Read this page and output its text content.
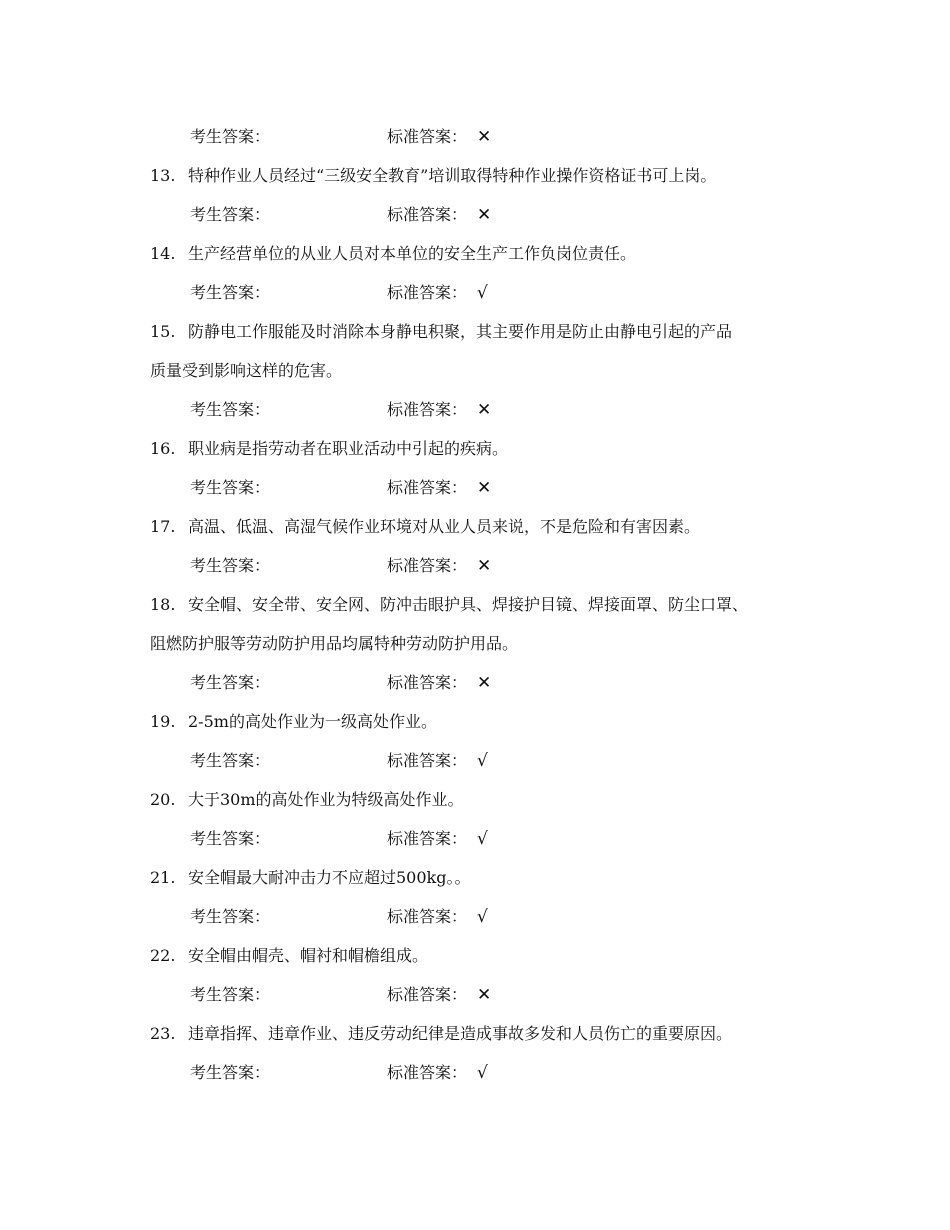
考生答案：	标准答案： ✕
13. 特种作业人员经过“三级安全教育”培训取得特种作业操作资格证书可上岗。
考生答案：	标准答案： ✕
14. 生产经营单位的从业人员对本单位的安全生产工作负岗位责任。
考生答案：	标准答案： √
15. 防静电工作服能及时消除本身静电积聚，其主要作用是防止由静电引起的产品
质量受到影响这样的危害。
考生答案：	标准答案： ✕
16. 职业病是指劳动者在职业活动中引起的疾病。
考生答案：	标准答案： ✕
17. 高温、低温、高湿气候作业环境对从业人员来说，不是危险和有害因素。
考生答案：	标准答案： ✕
18. 安全帽、安全带、安全网、防冲击眼护具、焊接护目镜、焊接面罩、防尘口罩、
阻燃防护服等劳动防护用品均属特种劳动防护用品。
考生答案：	标准答案： ✕
19. 2-5m的高处作业为一级高处作业。
考生答案：	标准答案： √
20. 大于30m的高处作业为特级高处作业。
考生答案：	标准答案： √
21. 安全帽最大耐冲击力不应超过500kg。。
考生答案：	标准答案： √
22. 安全帽由帽壳、帽衬和帽檐组成。
考生答案：	标准答案： ✕
23. 违章指挥、违章作业、违反劳动纪律是造成事故多发和人员伤亡的重要原因。
考生答案：	标准答案： √
